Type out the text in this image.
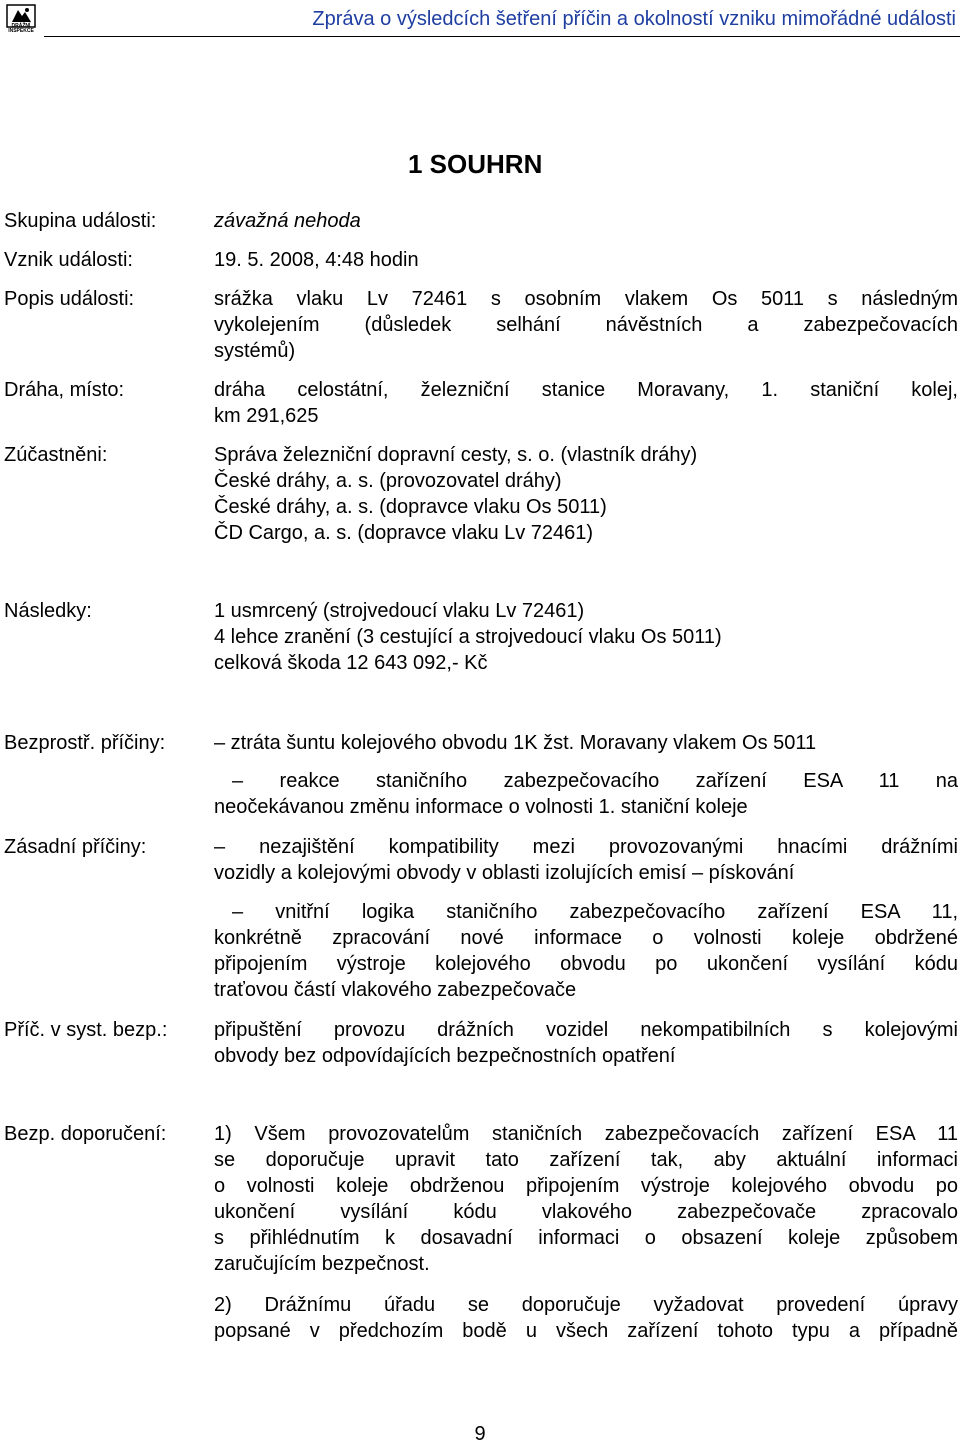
DRÁŽNÍ INSPEKCE
Zpráva o výsledcích šetření příčin a okolností vzniku mimořádné události
1 SOUHRN
Skupina události:	závažná nehoda
Vznik události:	19. 5. 2008, 4:48 hodin
Popis události:	srážka vlaku Lv 72461 s osobním vlakem Os 5011 s následným
vykolejením (důsledek selhání návěstních a zabezpečovacích
systémů)
Dráha, místo:	dráha celostátní, železniční stanice Moravany, 1. staniční kolej,
km 291,625
Zúčastněni:	Správa železniční dopravní cesty, s. o. (vlastník dráhy)
České dráhy, a. s. (provozovatel dráhy)
České dráhy, a. s. (dopravce vlaku Os 5011)
ČD Cargo, a. s. (dopravce vlaku Lv 72461)
Následky:	1 usmrcený (strojvedoucí vlaku Lv 72461)
4 lehce zranění (3 cestující a strojvedoucí vlaku Os 5011)
celková škoda 12 643 092,- Kč
Bezprostř. příčiny: – ztráta šuntu kolejového obvodu 1K žst. Moravany vlakem Os 5011
– reakce staničního zabezpečovacího zařízení ESA 11 na
neočekávanou změnu informace o volnosti 1. staniční koleje
Zásadní příčiny:	– nezajištění kompatibility mezi provozovanými hnacími drážními
vozidly a kolejovými obvody v oblasti izolujících emisí – pískování
– vnitřní logika staničního zabezpečovacího zařízení ESA 11,
konkrétně zpracování nové informace o volnosti koleje obdržené
připojením výstroje kolejového obvodu po ukončení vysílání kódu
traťovou částí vlakového zabezpečovače
Příč. v syst. bezp.: připuštění provozu drážních vozidel nekompatibilních s kolejovými
obvody bez odpovídajících bezpečnostních opatření
Bezp. doporučení: 1) Všem provozovatelům staničních zabezpečovacích zařízení ESA 11
se doporučuje upravit tato zařízení tak, aby aktuální informaci
o volnosti koleje obdrženou připojením výstroje kolejového obvodu po
ukončení vysílání kódu vlakového zabezpečovače zpracovalo
s přihlédnutím k dosavadní informaci o obsazení koleje způsobem
zaručujícím bezpečnost.
2) Drážnímu úřadu se doporučuje vyžadovat provedení úpravy
popsané v předchozím bodě u všech zařízení tohoto typu a případně
9
